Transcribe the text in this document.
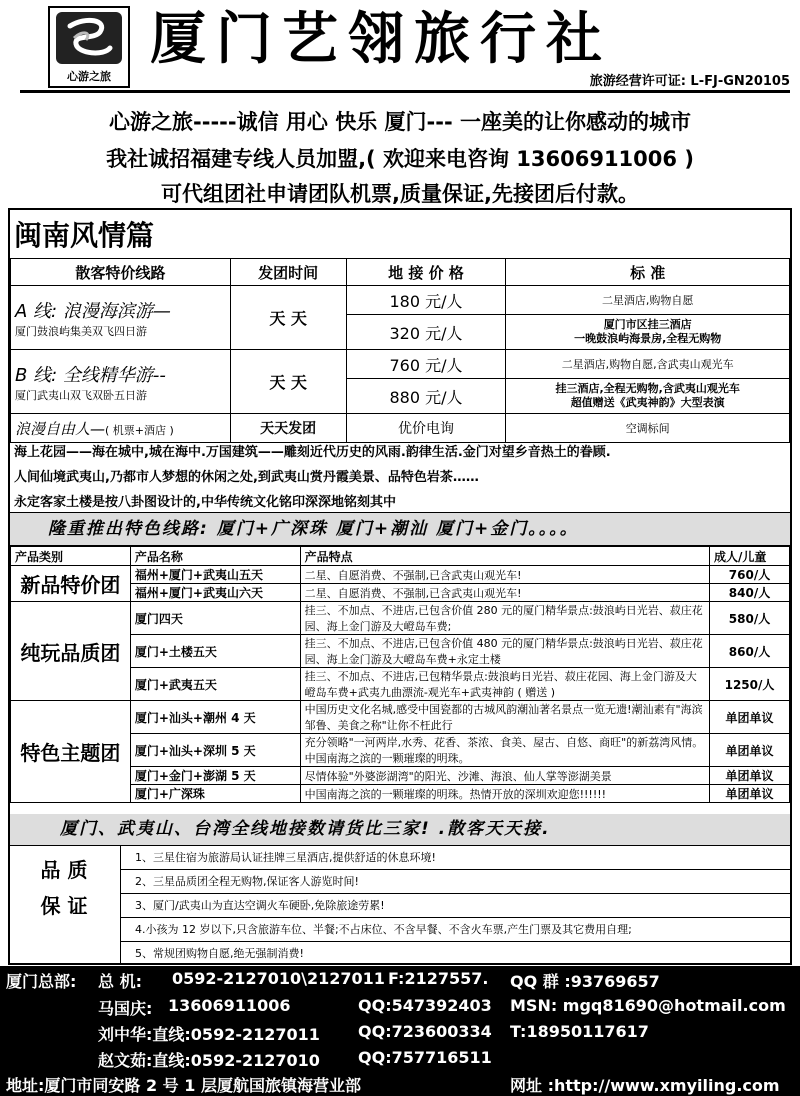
心游之旅
厦门艺翎旅行社
旅游经营许可证: L-FJ-GN20105
心游之旅-----诚信 用心 快乐 厦门--- 一座美的让你感动的城市
我社诚招福建专线人员加盟,( 欢迎来电咨询 13606911006 )
可代组团社申请团队机票,质量保证,先接团后付款。
闽南风情篇
散客特价线路	发团时间	地 接 价 格	标 准

A 线: 浪漫海滨游—
厦门鼓浪屿集美双飞四日游	天 天	180 元/人	二星酒店,购物自愿
		320 元/人	厦门市区挂三酒店
一晚鼓浪屿海景房,全程无购物

B 线: 全线精华游--
厦门武夷山双飞双卧五日游	天 天	760 元/人	二星酒店,购物自愿,含武夷山观光车
		880 元/人	挂三酒店,全程无购物,含武夷山观光车
超值赠送《武夷神韵》大型表演
浪漫自由人—( 机票+酒店 )	天天发团	优价电询	空调标间
海上花园——海在城中,城在海中.万国建筑——雕刻近代历史的风雨.韵律生活.金门对望乡音热土的眷顾.
人间仙境武夷山,乃都市人梦想的休闲之处,到武夷山赏丹霞美景、品特色岩茶……
永定客家土楼是按八卦图设计的,中华传统文化铭印深深地铭刻其中
隆重推出特色线路: 厦门+广深珠 厦门+潮汕 厦门+金门。。。。
产品类别	产品名称	产品特点	成人/儿童
新品特价团	福州+厦门+武夷山五天	二星、自愿消费、不强制,已含武夷山观光车!	760/人
	福州+厦门+武夷山六天	二星、自愿消费、不强制,已含武夷山观光车!	840/人
纯玩品质团	厦门四天	挂三、不加点、不进店,已包含价值 280 元的厦门精华景点:鼓浪屿日光岩、菽庄花园、海上金门游及大嶝岛车费;	580/人
	厦门+土楼五天	挂三、不加点、不进店,已包含价值 480 元的厦门精华景点:鼓浪屿日光岩、菽庄花园、海上金门游及大嶝岛车费+永定土楼	860/人
	厦门+武夷五天	挂三、不加点、不进店,已包精华景点:鼓浪屿日光岩、菽庄花园、海上金门游及大嶝岛车费+武夷九曲漂流-观光车+武夷神韵 ( 赠送 )	1250/人
特色主题团	厦门+汕头+潮州 4 天	中国历史文化名城,感受中国瓷都的古城风韵潮汕著名景点一览无遗!潮汕素有"海滨邹鲁、美食之称"让你不枉此行	单团单议
	厦门+汕头+深圳 5 天	充分领略"一河两岸,水秀、花香、茶浓、食美、屋古、自悠、商旺"的新荔湾风情。中国南海之滨的一颗璀璨的明珠。	单团单议
	厦门+金门+澎湖 5 天	尽情体验"外婆澎湖湾"的阳光、沙滩、海浪、仙人掌等澎湖美景	单团单议
	厦门+广深珠	中国南海之滨的一颗璀璨的明珠。热情开放的深圳欢迎您!!!!!!	单团单议
厦门、武夷山、台湾全线地接数请货比三家! .散客天天接.
品 质
保 证
1、三星住宿为旅游局认证挂牌三星酒店,提供舒适的休息环境!
2、三星品质团全程无购物,保证客人游览时间!
3、厦门/武夷山为直达空调火车硬卧,免除旅途劳累!
4.小孩为 12 岁以下,只含旅游车位、半餐;不占床位、不含早餐、不含火车票,产生门票及其它费用自理;
5、常规团购物自愿,绝无强制消费!
厦门总部: 总 机: 0592-2127010\2127011 F:2127557. QQ 群 :93769657
马国庆: 13606911006	QQ:547392403 MSN: mgq81690@hotmail.com
刘中华:直线:0592-2127011 QQ:723600334 T:18950117617
赵文茹:直线:0592-2127010 QQ:757716511
地址:厦门市同安路 2 号 1 层厦航国旅镇海营业部	网址 :http://www.xmyiling.com
